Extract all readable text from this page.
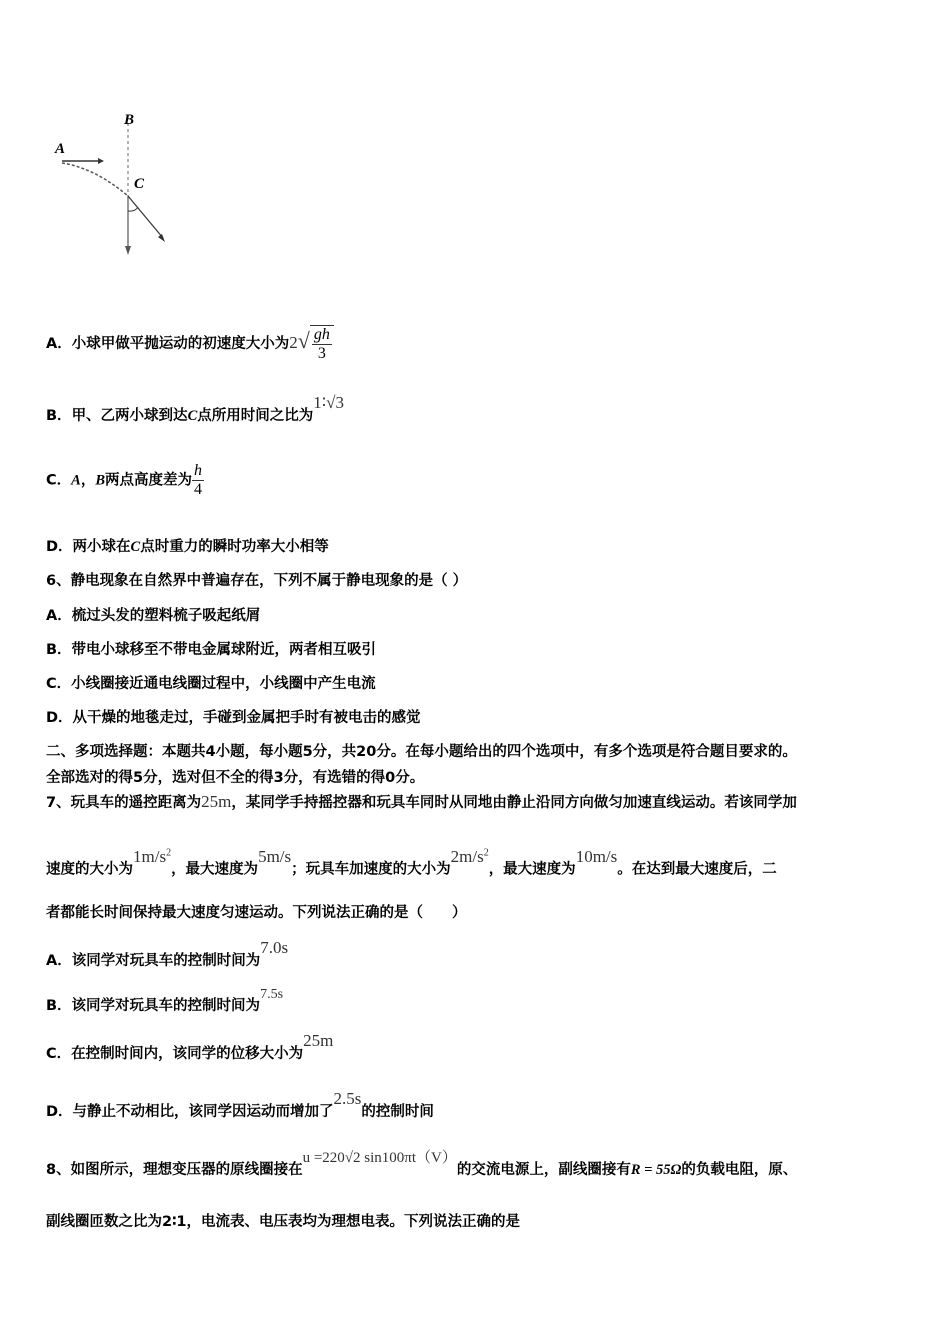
B
A
C
A．小球甲做平抛运动的初速度大小为$2√ \frac{gh}{3}$
B．甲、乙两小球到达C点所用时间之比为1∶√3
C．A，B两点高度差为 $\frac{h}{4}$
D．两小球在C点时重力的瞬时功率大小相等
6、静电现象在自然界中普遍存在，下列不属于静电现象的是（ ）
A．梳过头发的塑料梳子吸起纸屑
B．带电小球移至不带电金属球附近，两者相互吸引
C．小线圈接近通电线圈过程中，小线圈中产生电流
D．从干燥的地毯走过，手碰到金属把手时有被电击的感觉
二、多项选择题：本题共4小题，每小题5分，共20分。在每小题给出的四个选项中，有多个选项是符合题目要求的。
全部选对的得5分，选对但不全的得3分，有选错的得0分。
7、玩具车的遥控距离为25m，某同学手持摇控器和玩具车同时从同地由静止沿同方向做匀加速直线运动。若该同学加
速度的大小为$1m/s^2$，最大速度为5m/s；玩具车加速度的大小为$2m/s^2$，最大速度为10m/s。在达到最大速度后，二
者都能长时间保持最大速度匀速运动。下列说法正确的是（　　）
A．该同学对玩具车的控制时间为7.0s
B．该同学对玩具车的控制时间为7.5s
C．在控制时间内，该同学的位移大小为25m
D．与静止不动相比，该同学因运动而增加了2.5s的控制时间
8、如图所示，理想变压器的原线圈接在u =220√2 sin100πt（V）的交流电源上，副线圈接有R = 55Ω的负载电阻，原、
副线圈匝数之比为2∶1，电流表、电压表均为理想电表。下列说法正确的是
